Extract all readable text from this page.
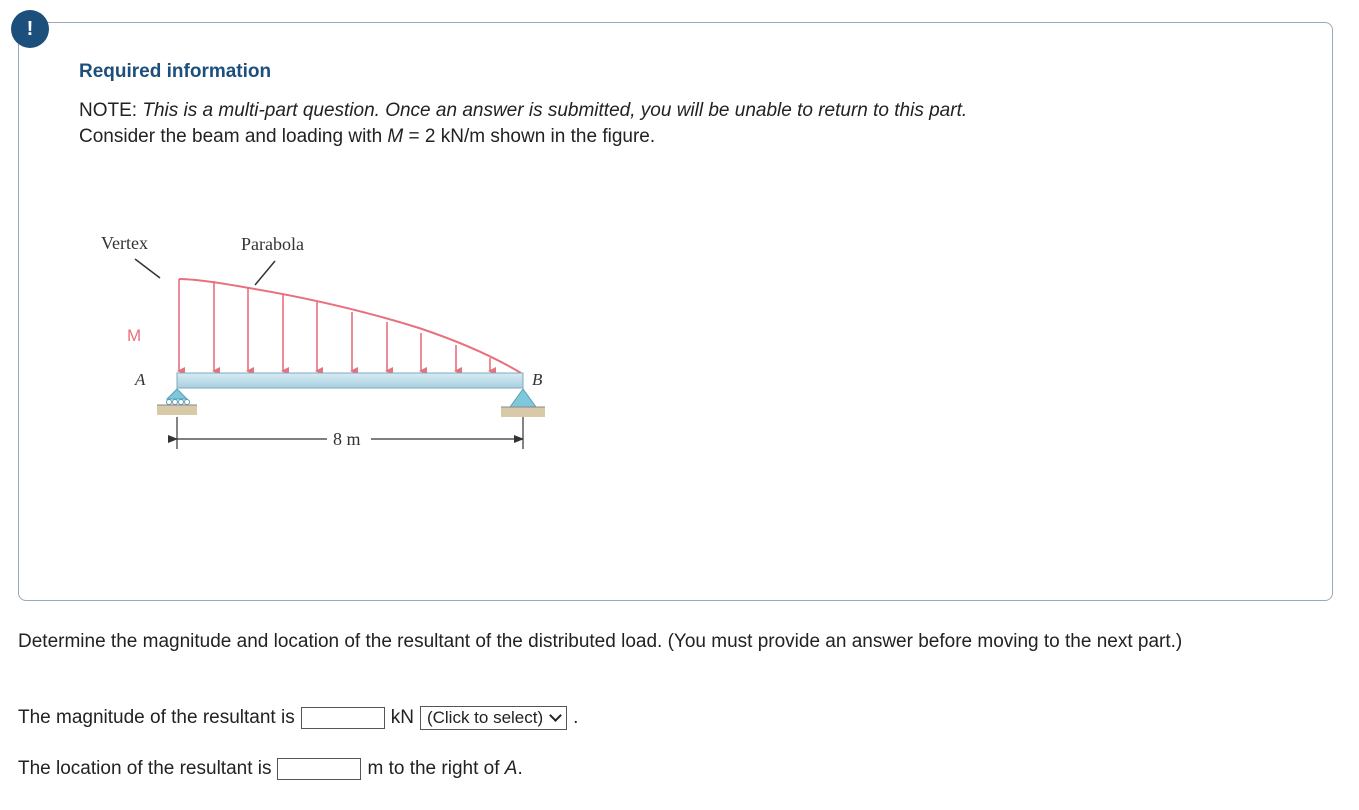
!
Required information

NOTE: This is a multi-part question. Once an answer is submitted, you will be unable to return to this part.

Consider the beam and loading with M = 2 kN/m shown in the figure.

Vertex	Parabola
M
A	B
8 m

Determine the magnitude and location of the resultant of the distributed load. (You must provide an answer before moving to the next part.)

The magnitude of the resultant is	kN (Click to select) .
The location of the resultant is	m to the right of A.
